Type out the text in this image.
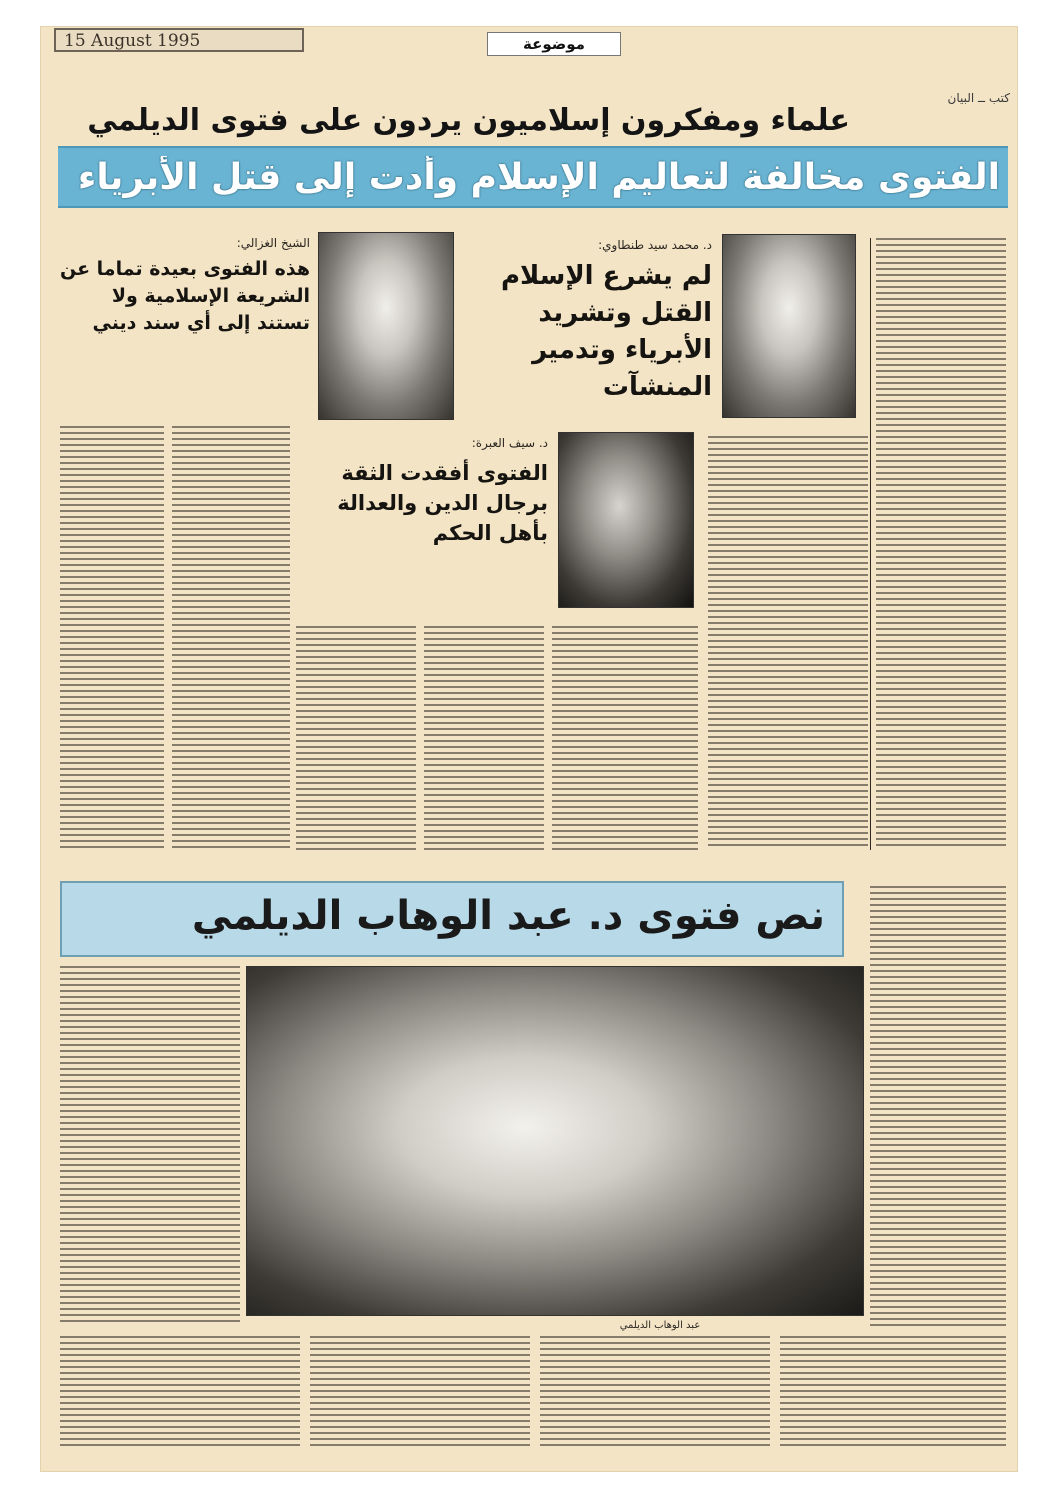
15 August 1995	موضوعة
كتب ــ البيان
علماء ومفكرون إسلاميون يردون على فتوى الديلمي
الفتوى مخالفة لتعاليم الإسلام وأدت إلى قتل الأبرياء
د. محمد سيد طنطاوي:
لم يشرع الإسلام القتل وتشريد الأبرياء وتدمير المنشآت
الشيخ الغزالي:
هذه الفتوى بعيدة تماما عن الشريعة الإسلامية ولا تستند إلى أي سند ديني
د. سيف العبرة:
الفتوى أفقدت الثقة برجال الدين والعدالة بأهل الحكم
نص فتوى د. عبد الوهاب الديلمي
عبد الوهاب الديلمي
